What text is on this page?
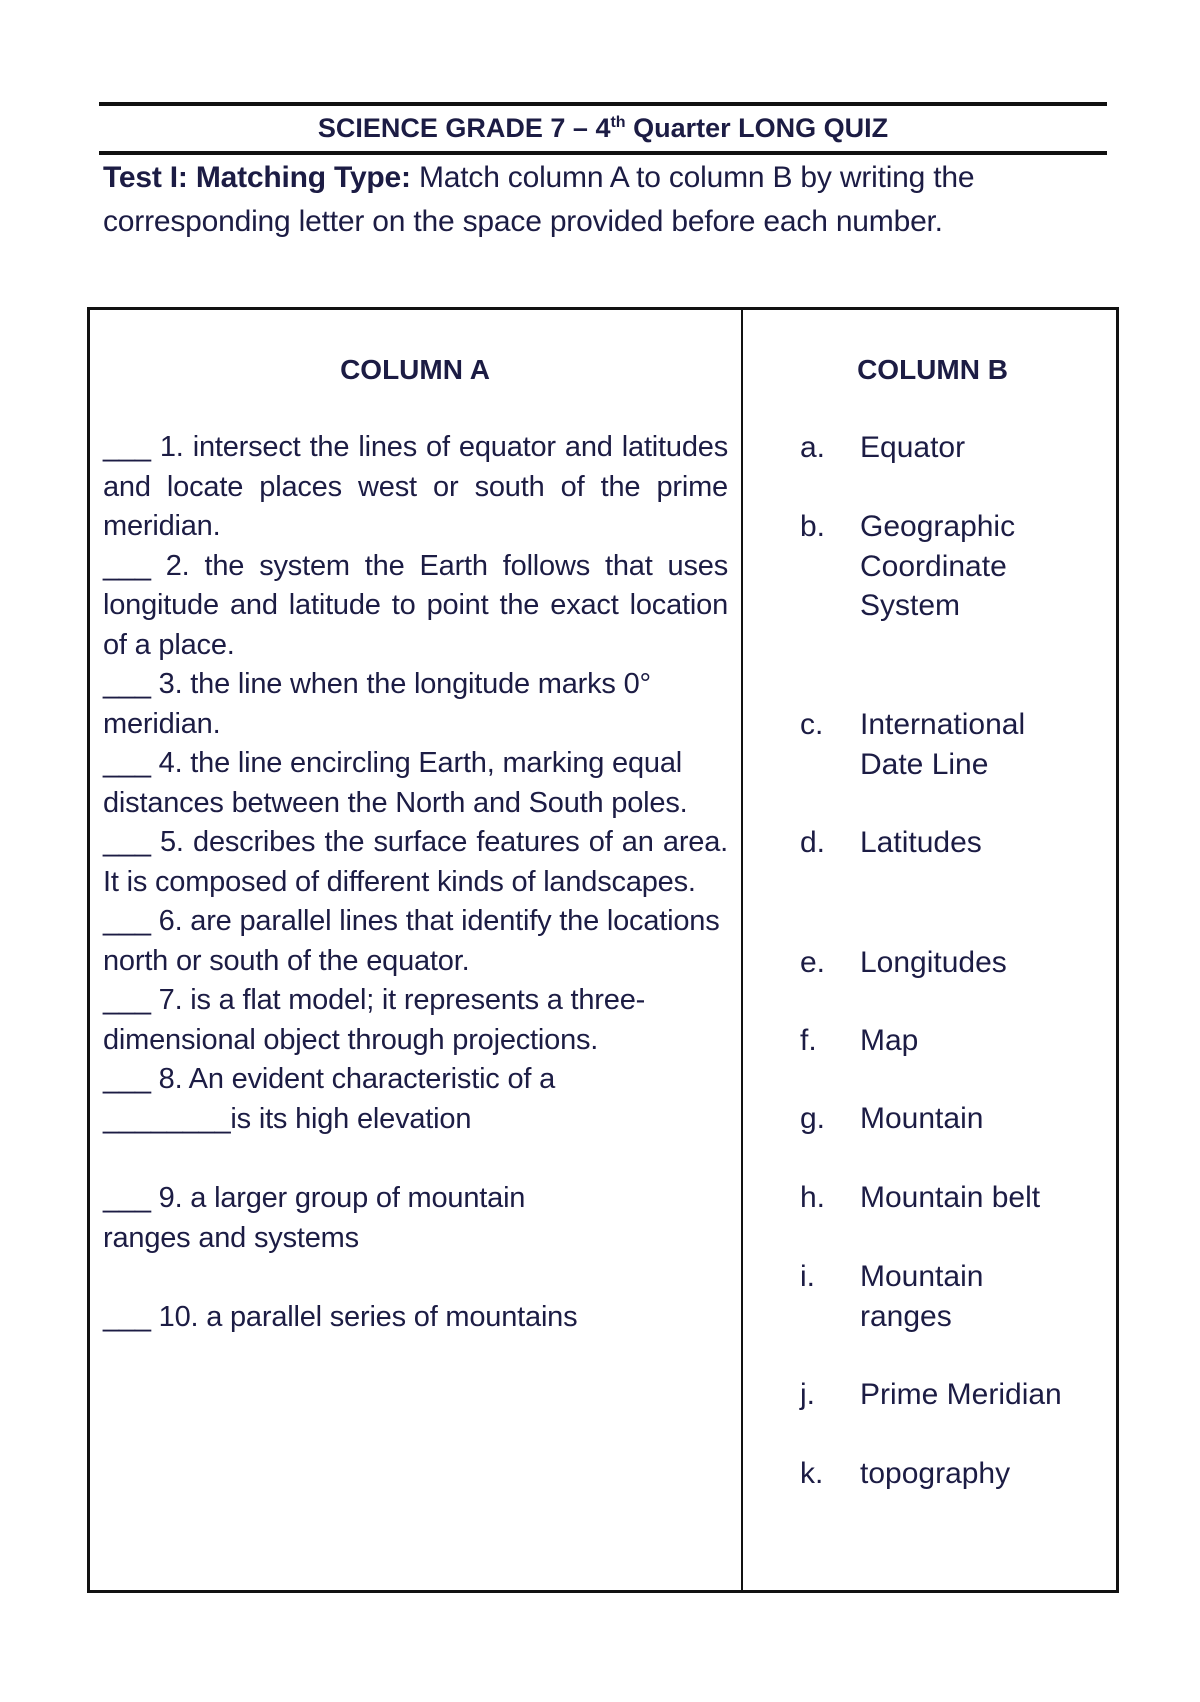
SCIENCE GRADE 7 – 4th Quarter LONG QUIZ
Test I: Matching Type: Match column A to column B by writing the corresponding letter on the space provided before each number.
COLUMN A	COLUMN B

___ 1. intersect the lines of equator and latitudes and locate places west or south of the prime meridian.

___ 2. the system the Earth follows that uses longitude and latitude to point the exact location of a place.

___ 3. the line when the longitude marks 0° meridian.

___ 4. the line encircling Earth, marking equal distances between the North and South poles.

___ 5. describes the surface features of an area. It is composed of different kinds of landscapes.

___ 6. are parallel lines that identify the locations north or south of the equator.

___ 7. is a flat model; it represents a three-dimensional object through projections.

___ 8. An evident characteristic of a ________is its high elevation

___ 9. a larger group of mountain ranges and systems

___ 10. a parallel series of mountains

a.	Equator
b.	Geographic Coordinate System
c.	International Date Line
d.	Latitudes
e.	Longitudes
f.	Map
g.	Mountain
h.	Mountain belt
i.	Mountain ranges
j.	Prime Meridian
k.	topography
